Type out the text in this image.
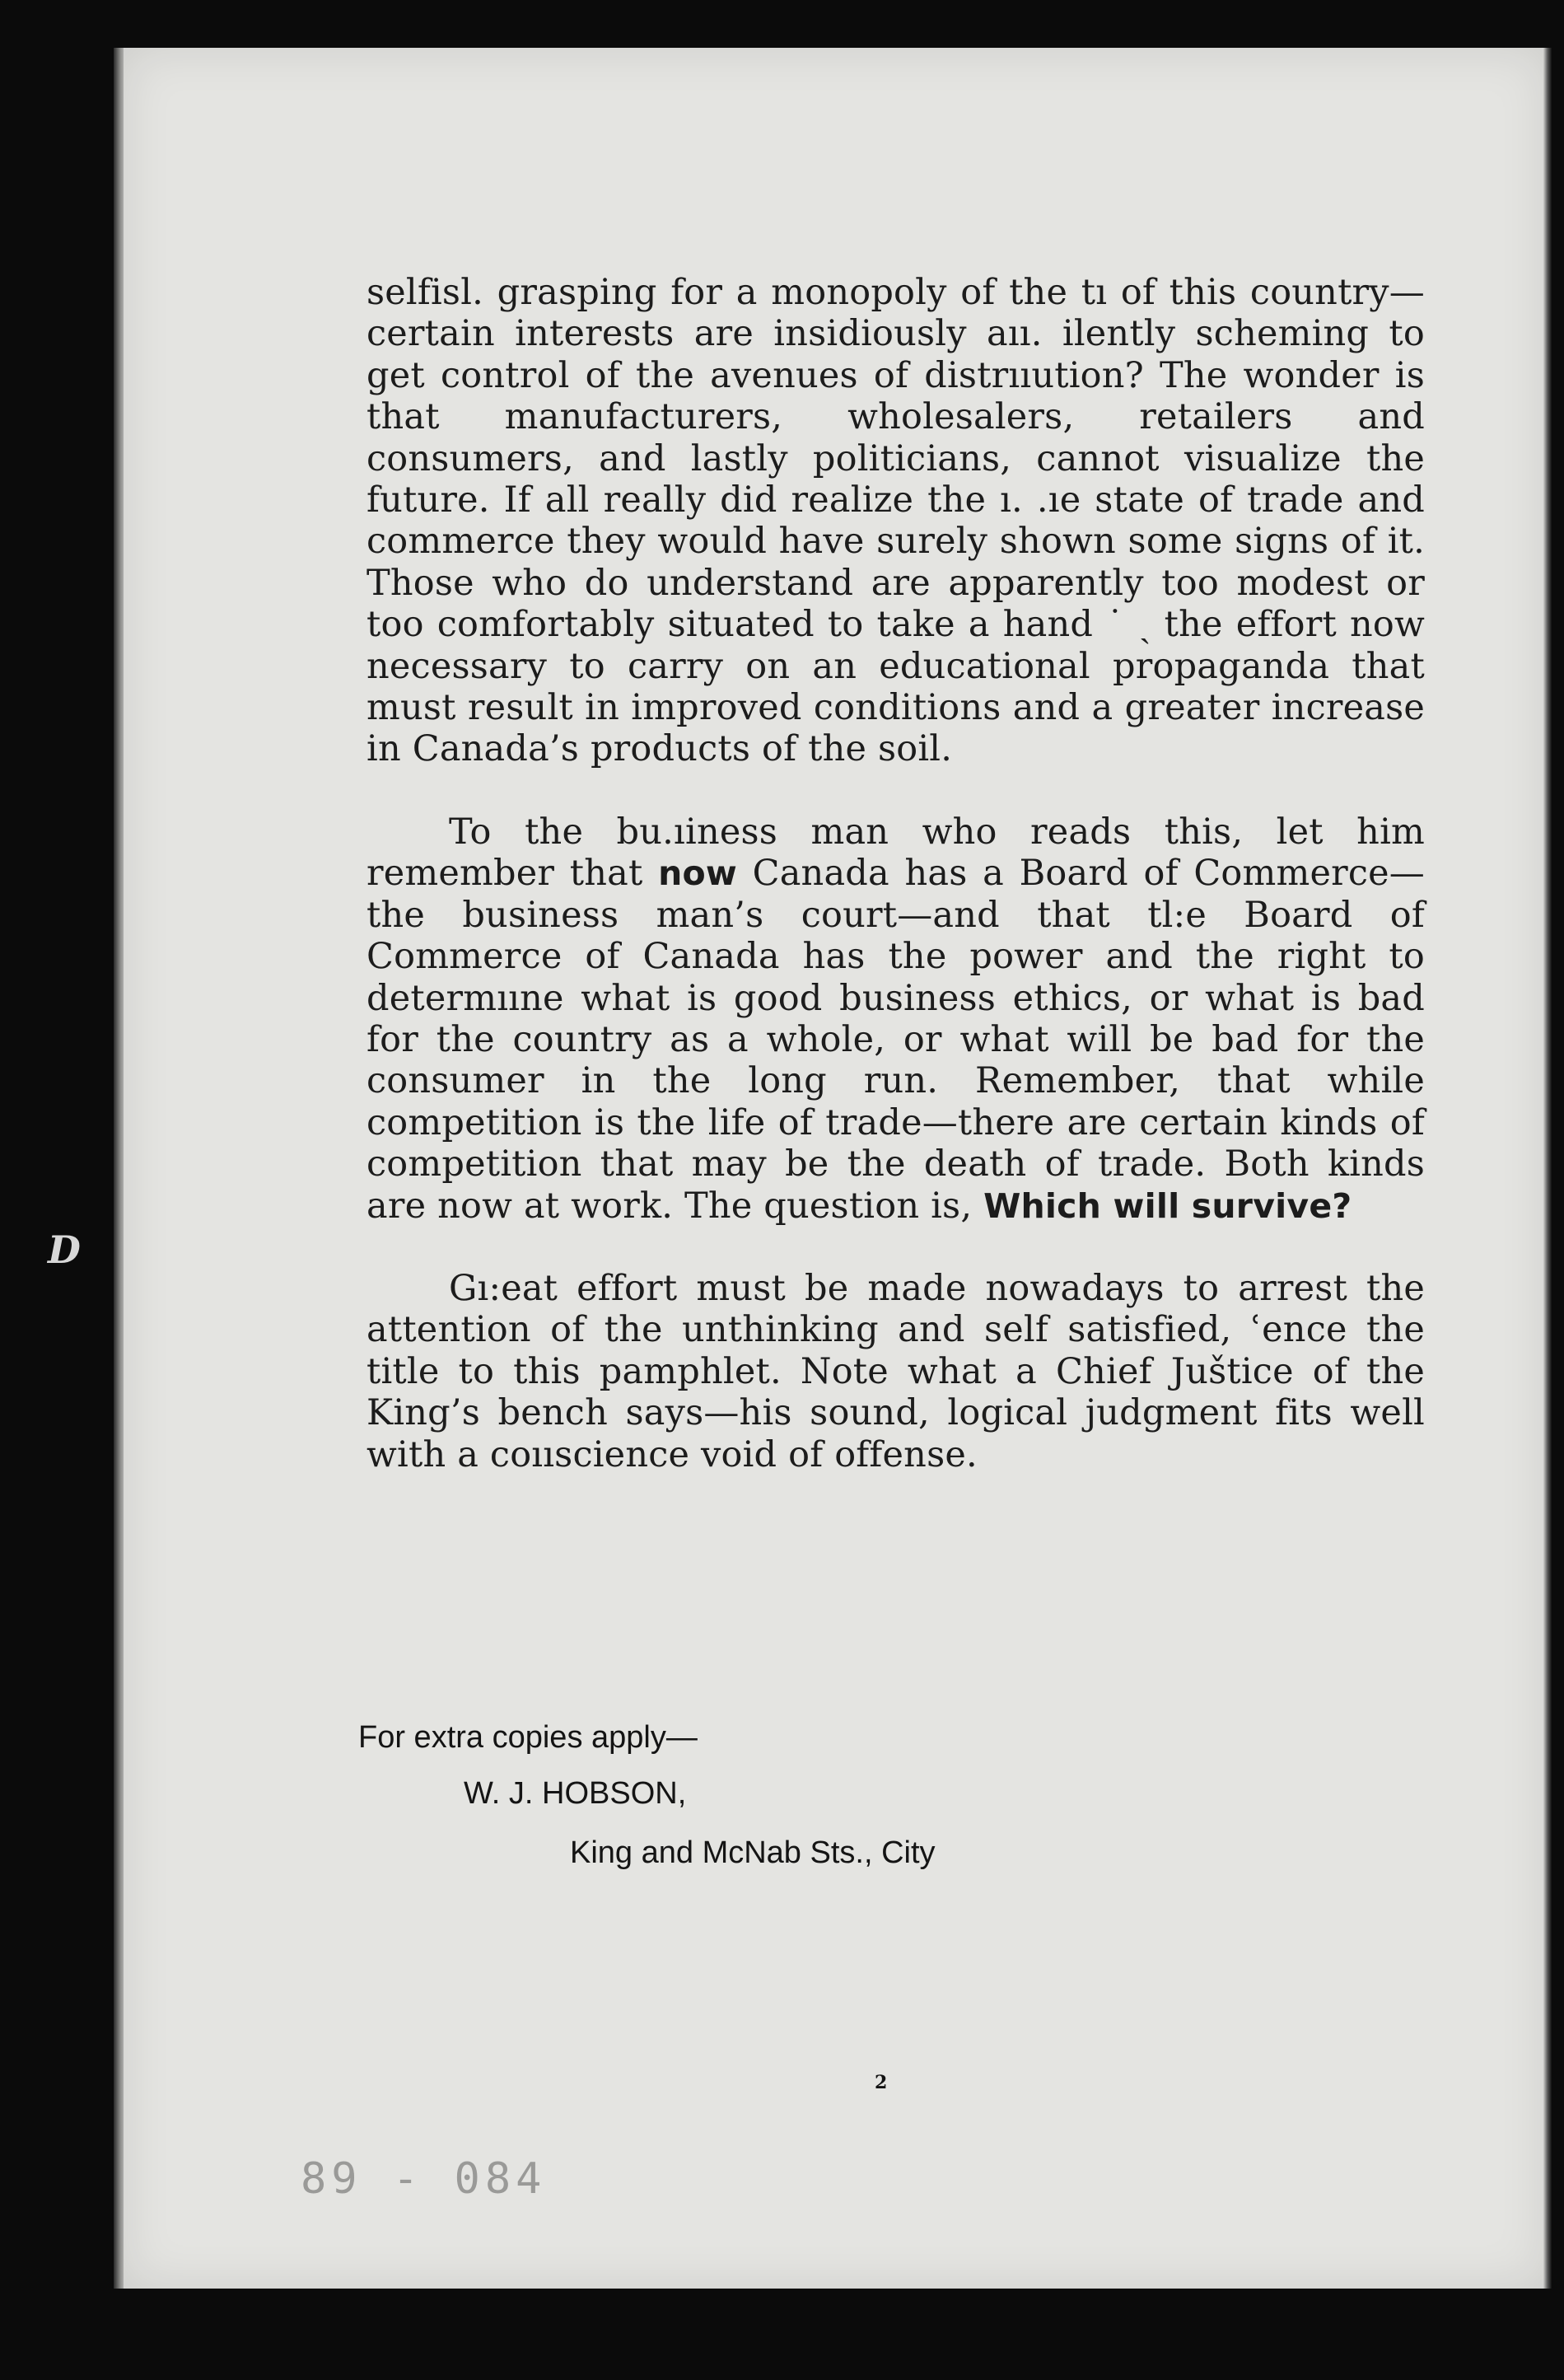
D

selfisl. grasping for a monopoly of the tı of this country—certain interests are insidiously aıı. ilently scheming to get control of the avenues of distrııution? The wonder is that manufacturers, wholesalers, retailers and consumers, and lastly politicians, cannot visualize the future. If all really did realize the ı. .ıe state of trade and commerce they would have surely shown some signs of it. Those who do understand are apparently too modest or too comfortably situated to take a hand ˙ ˎ the effort now necessary to carry on an educational propaganda that must result in improved conditions and a greater increase in Canada’s products of the soil.

To the bu.ıiness man who reads this, let him remember that now Canada has a Board of Commerce—the business man’s court—and that tl:e Board of Commerce of Canada has the power and the right to determııne what is good business ethics, or what is bad for the country as a whole, or what will be bad for the consumer in the long run. Remember, that while competition is the life of trade—there are certain kinds of competition that may be the death of trade. Both kinds are now at work. The question is, Which will survive?

Gı:eat effort must be made nowadays to arrest the attention of the unthinking and self satisfied, ʿence the title to this pamphlet. Note what a Chief Juštice of the King’s bench says—his sound, logical judgment fits well with a coııscience void of offense.

For extra copies apply—
W. J. HOBSON,
King and McNab Sts., City
2
89 - 084
